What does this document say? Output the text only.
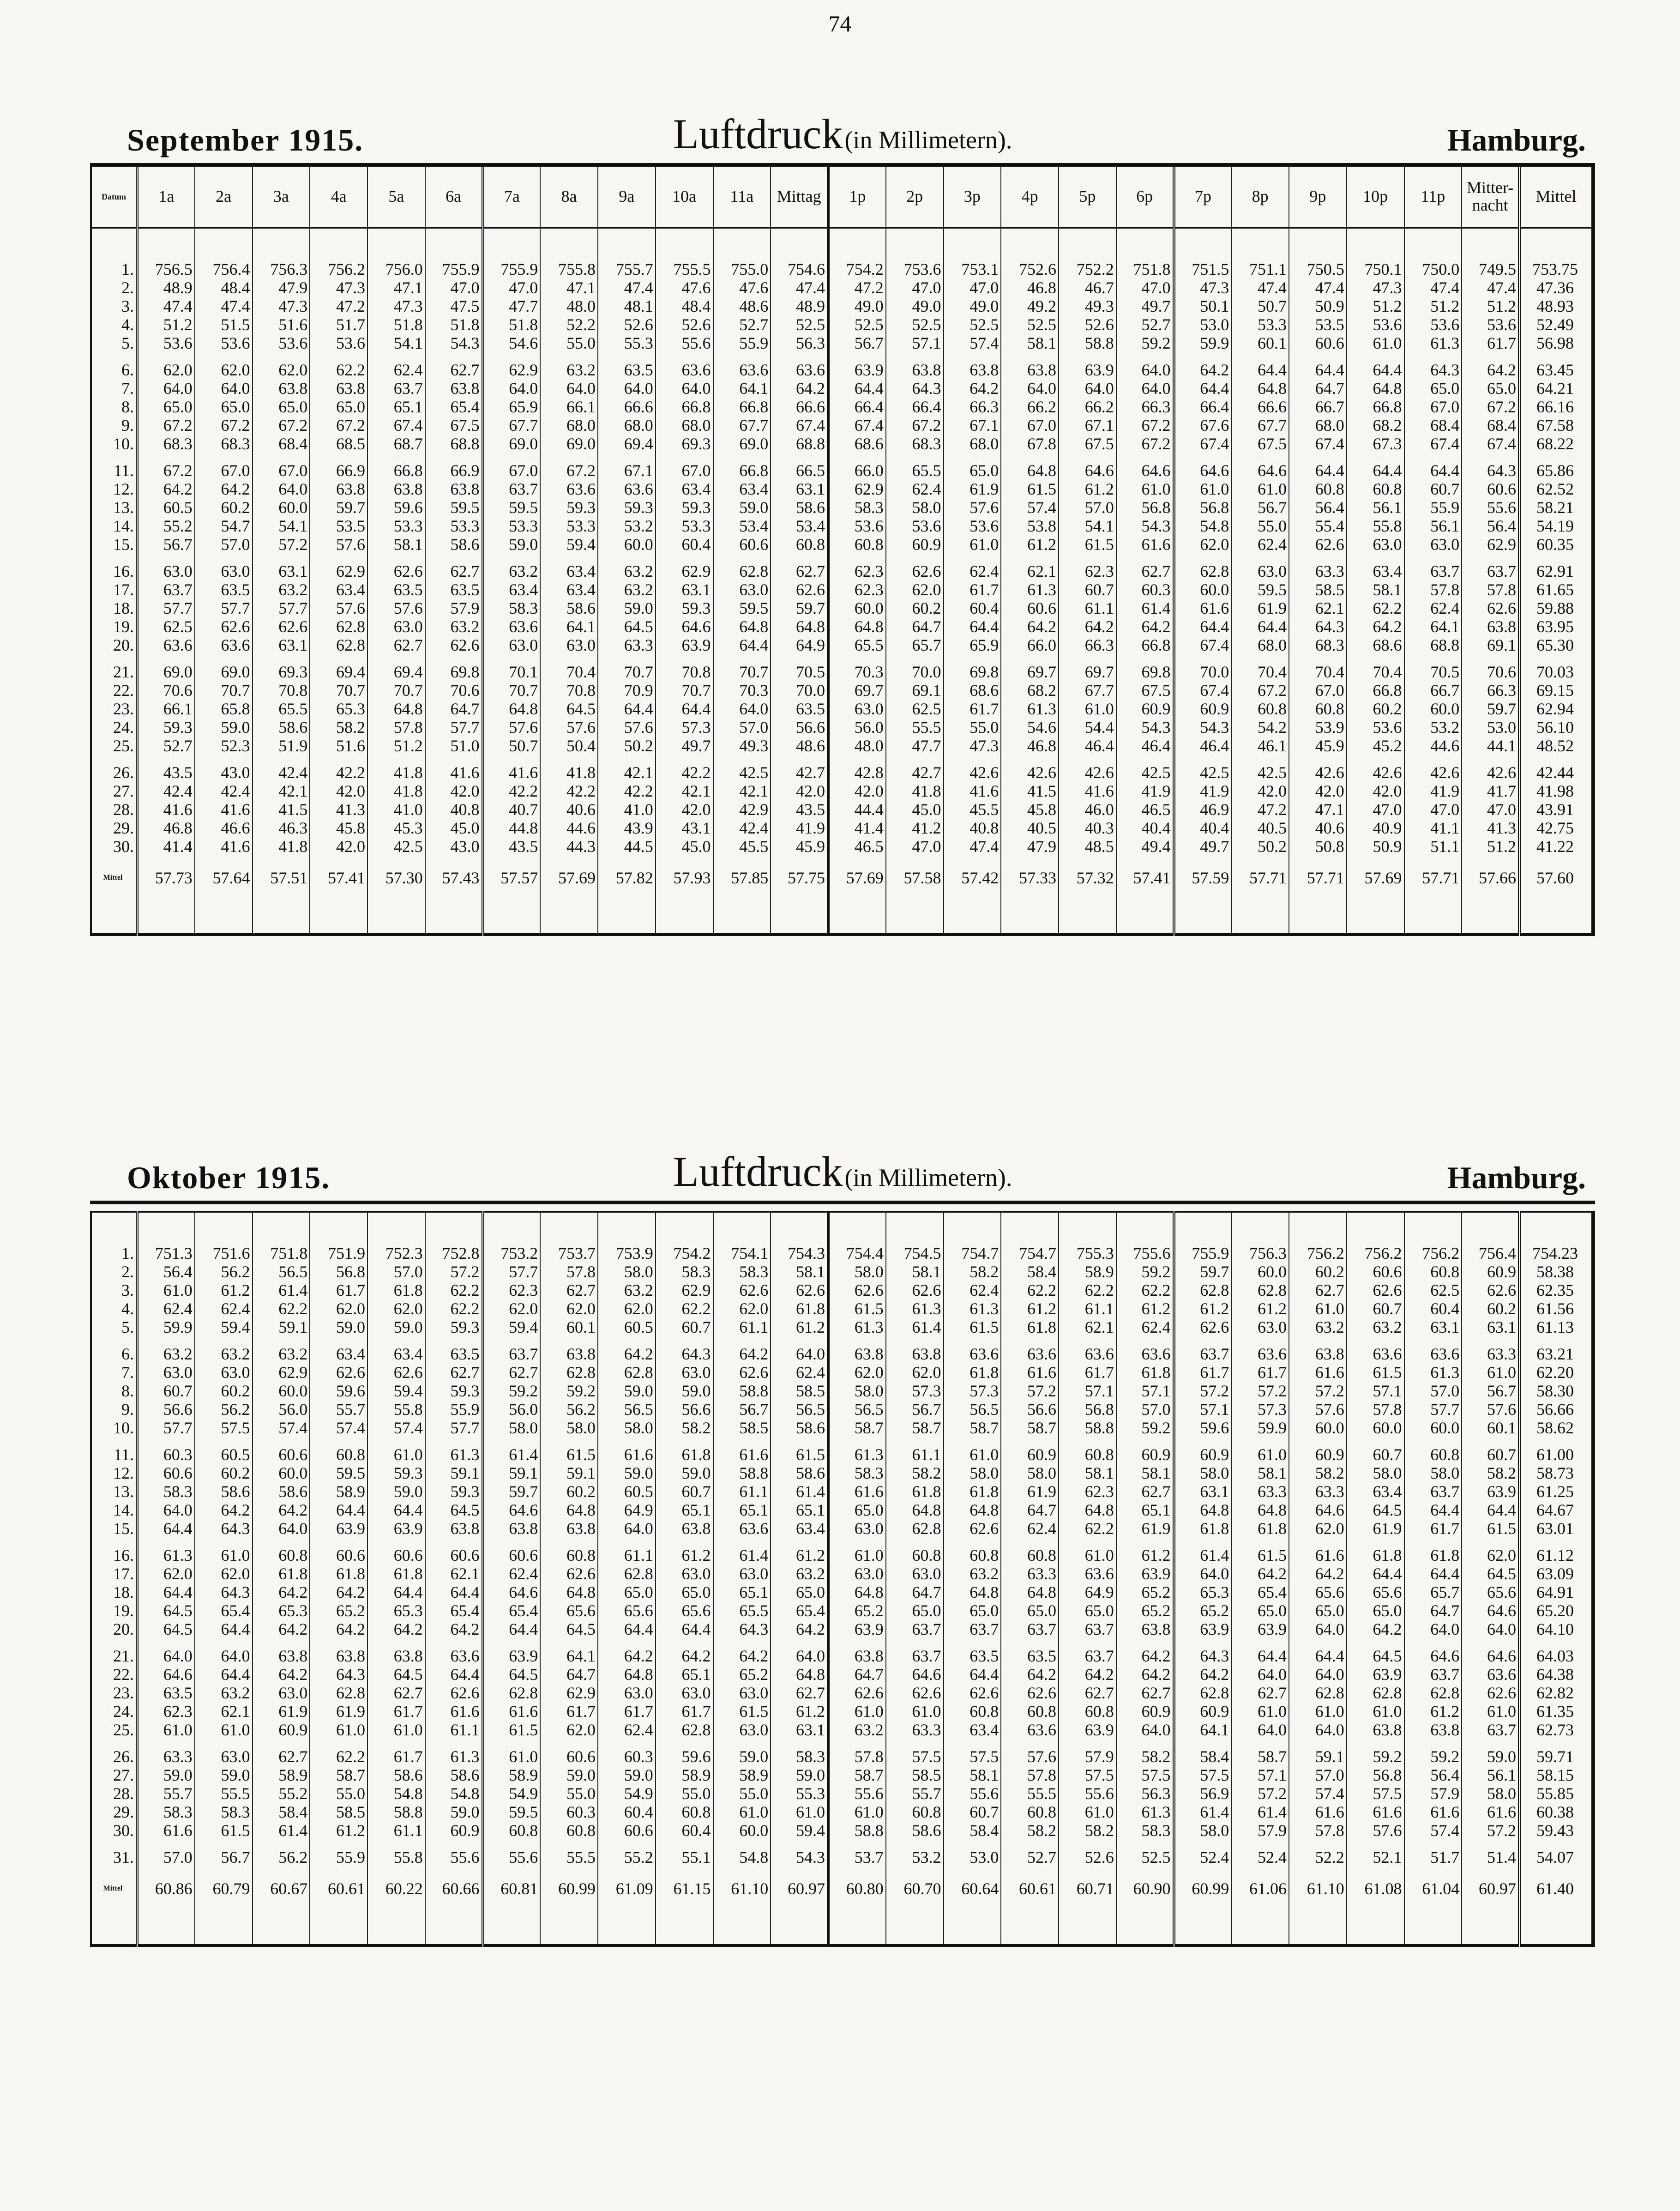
74
September 1915.	Luftdruck (in Millimetern).	Hamburg.
Datum	1a	2a	3a	4a	5a	6a	7a	8a	9a	10a	11a	Mittag	1p	2p	3p	4p	5p	6p	7p	8p	9p	10p	11p	Mitter-
nacht	Mittel

1.	756.5	756.4	756.3	756.2	756.0	755.9	755.9	755.8	755.7	755.5	755.0	754.6	754.2	753.6	753.1	752.6	752.2	751.8	751.5	751.1	750.5	750.1	750.0	749.5	753.75
2.	48.9	48.4	47.9	47.3	47.1	47.0	47.0	47.1	47.4	47.6	47.6	47.4	47.2	47.0	47.0	46.8	46.7	47.0	47.3	47.4	47.4	47.3	47.4	47.4	47.36
3.	47.4	47.4	47.3	47.2	47.3	47.5	47.7	48.0	48.1	48.4	48.6	48.9	49.0	49.0	49.0	49.2	49.3	49.7	50.1	50.7	50.9	51.2	51.2	51.2	48.93
4.	51.2	51.5	51.6	51.7	51.8	51.8	51.8	52.2	52.6	52.6	52.7	52.5	52.5	52.5	52.5	52.5	52.6	52.7	53.0	53.3	53.5	53.6	53.6	53.6	52.49
5.	53.6	53.6	53.6	53.6	54.1	54.3	54.6	55.0	55.3	55.6	55.9	56.3	56.7	57.1	57.4	58.1	58.8	59.2	59.9	60.1	60.6	61.0	61.3	61.7	56.98

6.	62.0	62.0	62.0	62.2	62.4	62.7	62.9	63.2	63.5	63.6	63.6	63.6	63.9	63.8	63.8	63.8	63.9	64.0	64.2	64.4	64.4	64.4	64.3	64.2	63.45
7.	64.0	64.0	63.8	63.8	63.7	63.8	64.0	64.0	64.0	64.0	64.1	64.2	64.4	64.3	64.2	64.0	64.0	64.0	64.4	64.8	64.7	64.8	65.0	65.0	64.21
8.	65.0	65.0	65.0	65.0	65.1	65.4	65.9	66.1	66.6	66.8	66.8	66.6	66.4	66.4	66.3	66.2	66.2	66.3	66.4	66.6	66.7	66.8	67.0	67.2	66.16
9.	67.2	67.2	67.2	67.2	67.4	67.5	67.7	68.0	68.0	68.0	67.7	67.4	67.4	67.2	67.1	67.0	67.1	67.2	67.6	67.7	68.0	68.2	68.4	68.4	67.58
10.	68.3	68.3	68.4	68.5	68.7	68.8	69.0	69.0	69.4	69.3	69.0	68.8	68.6	68.3	68.0	67.8	67.5	67.2	67.4	67.5	67.4	67.3	67.4	67.4	68.22

11.	67.2	67.0	67.0	66.9	66.8	66.9	67.0	67.2	67.1	67.0	66.8	66.5	66.0	65.5	65.0	64.8	64.6	64.6	64.6	64.6	64.4	64.4	64.4	64.3	65.86
12.	64.2	64.2	64.0	63.8	63.8	63.8	63.7	63.6	63.6	63.4	63.4	63.1	62.9	62.4	61.9	61.5	61.2	61.0	61.0	61.0	60.8	60.8	60.7	60.6	62.52
13.	60.5	60.2	60.0	59.7	59.6	59.5	59.5	59.3	59.3	59.3	59.0	58.6	58.3	58.0	57.6	57.4	57.0	56.8	56.8	56.7	56.4	56.1	55.9	55.6	58.21
14.	55.2	54.7	54.1	53.5	53.3	53.3	53.3	53.3	53.2	53.3	53.4	53.4	53.6	53.6	53.6	53.8	54.1	54.3	54.8	55.0	55.4	55.8	56.1	56.4	54.19
15.	56.7	57.0	57.2	57.6	58.1	58.6	59.0	59.4	60.0	60.4	60.6	60.8	60.8	60.9	61.0	61.2	61.5	61.6	62.0	62.4	62.6	63.0	63.0	62.9	60.35

16.	63.0	63.0	63.1	62.9	62.6	62.7	63.2	63.4	63.2	62.9	62.8	62.7	62.3	62.6	62.4	62.1	62.3	62.7	62.8	63.0	63.3	63.4	63.7	63.7	62.91
17.	63.7	63.5	63.2	63.4	63.5	63.5	63.4	63.4	63.2	63.1	63.0	62.6	62.3	62.0	61.7	61.3	60.7	60.3	60.0	59.5	58.5	58.1	57.8	57.8	61.65
18.	57.7	57.7	57.7	57.6	57.6	57.9	58.3	58.6	59.0	59.3	59.5	59.7	60.0	60.2	60.4	60.6	61.1	61.4	61.6	61.9	62.1	62.2	62.4	62.6	59.88
19.	62.5	62.6	62.6	62.8	63.0	63.2	63.6	64.1	64.5	64.6	64.8	64.8	64.8	64.7	64.4	64.2	64.2	64.2	64.4	64.4	64.3	64.2	64.1	63.8	63.95
20.	63.6	63.6	63.1	62.8	62.7	62.6	63.0	63.0	63.3	63.9	64.4	64.9	65.5	65.7	65.9	66.0	66.3	66.8	67.4	68.0	68.3	68.6	68.8	69.1	65.30

21.	69.0	69.0	69.3	69.4	69.4	69.8	70.1	70.4	70.7	70.8	70.7	70.5	70.3	70.0	69.8	69.7	69.7	69.8	70.0	70.4	70.4	70.4	70.5	70.6	70.03
22.	70.6	70.7	70.8	70.7	70.7	70.6	70.7	70.8	70.9	70.7	70.3	70.0	69.7	69.1	68.6	68.2	67.7	67.5	67.4	67.2	67.0	66.8	66.7	66.3	69.15
23.	66.1	65.8	65.5	65.3	64.8	64.7	64.8	64.5	64.4	64.4	64.0	63.5	63.0	62.5	61.7	61.3	61.0	60.9	60.9	60.8	60.8	60.2	60.0	59.7	62.94
24.	59.3	59.0	58.6	58.2	57.8	57.7	57.6	57.6	57.6	57.3	57.0	56.6	56.0	55.5	55.0	54.6	54.4	54.3	54.3	54.2	53.9	53.6	53.2	53.0	56.10
25.	52.7	52.3	51.9	51.6	51.2	51.0	50.7	50.4	50.2	49.7	49.3	48.6	48.0	47.7	47.3	46.8	46.4	46.4	46.4	46.1	45.9	45.2	44.6	44.1	48.52

26.	43.5	43.0	42.4	42.2	41.8	41.6	41.6	41.8	42.1	42.2	42.5	42.7	42.8	42.7	42.6	42.6	42.6	42.5	42.5	42.5	42.6	42.6	42.6	42.6	42.44
27.	42.4	42.4	42.1	42.0	41.8	42.0	42.2	42.2	42.2	42.1	42.1	42.0	42.0	41.8	41.6	41.5	41.6	41.9	41.9	42.0	42.0	42.0	41.9	41.7	41.98
28.	41.6	41.6	41.5	41.3	41.0	40.8	40.7	40.6	41.0	42.0	42.9	43.5	44.4	45.0	45.5	45.8	46.0	46.5	46.9	47.2	47.1	47.0	47.0	47.0	43.91
29.	46.8	46.6	46.3	45.8	45.3	45.0	44.8	44.6	43.9	43.1	42.4	41.9	41.4	41.2	40.8	40.5	40.3	40.4	40.4	40.5	40.6	40.9	41.1	41.3	42.75
30.	41.4	41.6	41.8	42.0	42.5	43.0	43.5	44.3	44.5	45.0	45.5	45.9	46.5	47.0	47.4	47.9	48.5	49.4	49.7	50.2	50.8	50.9	51.1	51.2	41.22

Mittel	57.73	57.64	57.51	57.41	57.30	57.43	57.57	57.69	57.82	57.93	57.85	57.75	57.69	57.58	57.42	57.33	57.32	57.41	57.59	57.71	57.71	57.69	57.71	57.66	57.60

Oktober 1915.	Luftdruck (in Millimetern).	Hamburg.

1.	751.3	751.6	751.8	751.9	752.3	752.8	753.2	753.7	753.9	754.2	754.1	754.3	754.4	754.5	754.7	754.7	755.3	755.6	755.9	756.3	756.2	756.2	756.2	756.4	754.23
2.	56.4	56.2	56.5	56.8	57.0	57.2	57.7	57.8	58.0	58.3	58.3	58.1	58.0	58.1	58.2	58.4	58.9	59.2	59.7	60.0	60.2	60.6	60.8	60.9	58.38
3.	61.0	61.2	61.4	61.7	61.8	62.2	62.3	62.7	63.2	62.9	62.6	62.6	62.6	62.6	62.4	62.2	62.2	62.2	62.8	62.8	62.7	62.6	62.5	62.6	62.35
4.	62.4	62.4	62.2	62.0	62.0	62.2	62.0	62.0	62.0	62.2	62.0	61.8	61.5	61.3	61.3	61.2	61.1	61.2	61.2	61.2	61.0	60.7	60.4	60.2	61.56
5.	59.9	59.4	59.1	59.0	59.0	59.3	59.4	60.1	60.5	60.7	61.1	61.2	61.3	61.4	61.5	61.8	62.1	62.4	62.6	63.0	63.2	63.2	63.1	63.1	61.13

6.	63.2	63.2	63.2	63.4	63.4	63.5	63.7	63.8	64.2	64.3	64.2	64.0	63.8	63.8	63.6	63.6	63.6	63.6	63.7	63.6	63.8	63.6	63.6	63.3	63.21
7.	63.0	63.0	62.9	62.6	62.6	62.7	62.7	62.8	62.8	63.0	62.6	62.4	62.0	62.0	61.8	61.6	61.7	61.8	61.7	61.7	61.6	61.5	61.3	61.0	62.20
8.	60.7	60.2	60.0	59.6	59.4	59.3	59.2	59.2	59.0	59.0	58.8	58.5	58.0	57.3	57.3	57.2	57.1	57.1	57.2	57.2	57.2	57.1	57.0	56.7	58.30
9.	56.6	56.2	56.0	55.7	55.8	55.9	56.0	56.2	56.5	56.6	56.7	56.5	56.5	56.7	56.5	56.6	56.8	57.0	57.1	57.3	57.6	57.8	57.7	57.6	56.66
10.	57.7	57.5	57.4	57.4	57.4	57.7	58.0	58.0	58.0	58.2	58.5	58.6	58.7	58.7	58.7	58.7	58.8	59.2	59.6	59.9	60.0	60.0	60.0	60.1	58.62

11.	60.3	60.5	60.6	60.8	61.0	61.3	61.4	61.5	61.6	61.8	61.6	61.5	61.3	61.1	61.0	60.9	60.8	60.9	60.9	61.0	60.9	60.7	60.8	60.7	61.00
12.	60.6	60.2	60.0	59.5	59.3	59.1	59.1	59.1	59.0	59.0	58.8	58.6	58.3	58.2	58.0	58.0	58.1	58.1	58.0	58.1	58.2	58.0	58.0	58.2	58.73
13.	58.3	58.6	58.6	58.9	59.0	59.3	59.7	60.2	60.5	60.7	61.1	61.4	61.6	61.8	61.8	61.9	62.3	62.7	63.1	63.3	63.3	63.4	63.7	63.9	61.25
14.	64.0	64.2	64.2	64.4	64.4	64.5	64.6	64.8	64.9	65.1	65.1	65.1	65.0	64.8	64.8	64.7	64.8	65.1	64.8	64.8	64.6	64.5	64.4	64.4	64.67
15.	64.4	64.3	64.0	63.9	63.9	63.8	63.8	63.8	64.0	63.8	63.6	63.4	63.0	62.8	62.6	62.4	62.2	61.9	61.8	61.8	62.0	61.9	61.7	61.5	63.01

16.	61.3	61.0	60.8	60.6	60.6	60.6	60.6	60.8	61.1	61.2	61.4	61.2	61.0	60.8	60.8	60.8	61.0	61.2	61.4	61.5	61.6	61.8	61.8	62.0	61.12
17.	62.0	62.0	61.8	61.8	61.8	62.1	62.4	62.6	62.8	63.0	63.0	63.2	63.0	63.0	63.2	63.3	63.6	63.9	64.0	64.2	64.2	64.4	64.4	64.5	63.09
18.	64.4	64.3	64.2	64.2	64.4	64.4	64.6	64.8	65.0	65.0	65.1	65.0	64.8	64.7	64.8	64.8	64.9	65.2	65.3	65.4	65.6	65.6	65.7	65.6	64.91
19.	64.5	65.4	65.3	65.2	65.3	65.4	65.4	65.6	65.6	65.6	65.5	65.4	65.2	65.0	65.0	65.0	65.0	65.2	65.2	65.0	65.0	65.0	64.7	64.6	65.20
20.	64.5	64.4	64.2	64.2	64.2	64.2	64.4	64.5	64.4	64.4	64.3	64.2	63.9	63.7	63.7	63.7	63.7	63.8	63.9	63.9	64.0	64.2	64.0	64.0	64.10

21.	64.0	64.0	63.8	63.8	63.8	63.6	63.9	64.1	64.2	64.2	64.2	64.0	63.8	63.7	63.5	63.5	63.7	64.2	64.3	64.4	64.4	64.5	64.6	64.6	64.03
22.	64.6	64.4	64.2	64.3	64.5	64.4	64.5	64.7	64.8	65.1	65.2	64.8	64.7	64.6	64.4	64.2	64.2	64.2	64.2	64.0	64.0	63.9	63.7	63.6	64.38
23.	63.5	63.2	63.0	62.8	62.7	62.6	62.8	62.9	63.0	63.0	63.0	62.7	62.6	62.6	62.6	62.6	62.7	62.7	62.8	62.7	62.8	62.8	62.8	62.6	62.82
24.	62.3	62.1	61.9	61.9	61.7	61.6	61.6	61.7	61.7	61.7	61.5	61.2	61.0	61.0	60.8	60.8	60.8	60.9	60.9	61.0	61.0	61.0	61.2	61.0	61.35
25.	61.0	61.0	60.9	61.0	61.0	61.1	61.5	62.0	62.4	62.8	63.0	63.1	63.2	63.3	63.4	63.6	63.9	64.0	64.1	64.0	64.0	63.8	63.8	63.7	62.73

26.	63.3	63.0	62.7	62.2	61.7	61.3	61.0	60.6	60.3	59.6	59.0	58.3	57.8	57.5	57.5	57.6	57.9	58.2	58.4	58.7	59.1	59.2	59.2	59.0	59.71
27.	59.0	59.0	58.9	58.7	58.6	58.6	58.9	59.0	59.0	58.9	58.9	59.0	58.7	58.5	58.1	57.8	57.5	57.5	57.5	57.1	57.0	56.8	56.4	56.1	58.15
28.	55.7	55.5	55.2	55.0	54.8	54.8	54.9	55.0	54.9	55.0	55.0	55.3	55.6	55.7	55.6	55.5	55.6	56.3	56.9	57.2	57.4	57.5	57.9	58.0	55.85
29.	58.3	58.3	58.4	58.5	58.8	59.0	59.5	60.3	60.4	60.8	61.0	61.0	61.0	60.8	60.7	60.8	61.0	61.3	61.4	61.4	61.6	61.6	61.6	61.6	60.38
30.	61.6	61.5	61.4	61.2	61.1	60.9	60.8	60.8	60.6	60.4	60.0	59.4	58.8	58.6	58.4	58.2	58.2	58.3	58.0	57.9	57.8	57.6	57.4	57.2	59.43

31.	57.0	56.7	56.2	55.9	55.8	55.6	55.6	55.5	55.2	55.1	54.8	54.3	53.7	53.2	53.0	52.7	52.6	52.5	52.4	52.4	52.2	52.1	51.7	51.4	54.07

Mittel	60.86	60.79	60.67	60.61	60.22	60.66	60.81	60.99	61.09	61.15	61.10	60.97	60.80	60.70	60.64	60.61	60.71	60.90	60.99	61.06	61.10	61.08	61.04	60.97	61.40
